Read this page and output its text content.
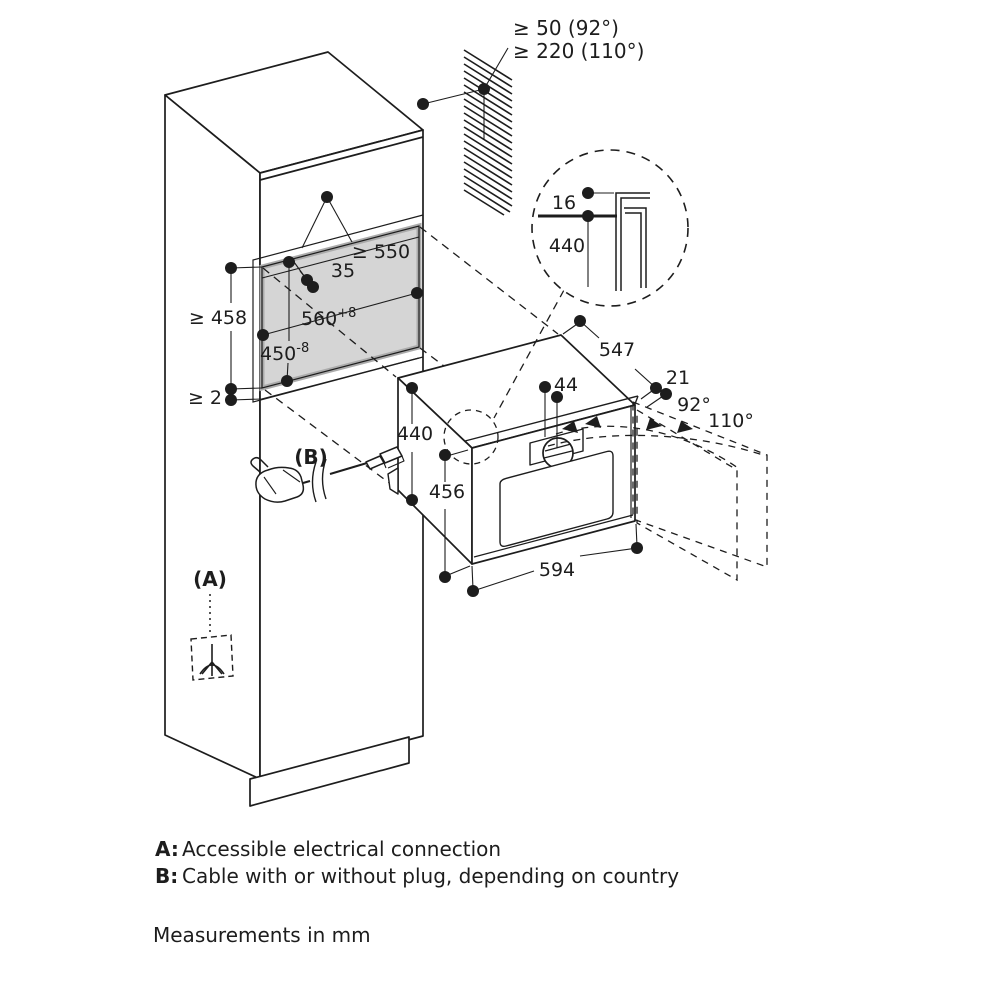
16
440
≥ 50 (92°)
≥ 220 (110°)
≥ 550
35
$560^{+8}$
$450^{-8}$
≥ 458
≥ 2
547
21
92°
110°
44
440
456
594
(B)
(A)
A: Accessible electrical connection
B: Cable with or without plug, depending on country
Measurements in mm
